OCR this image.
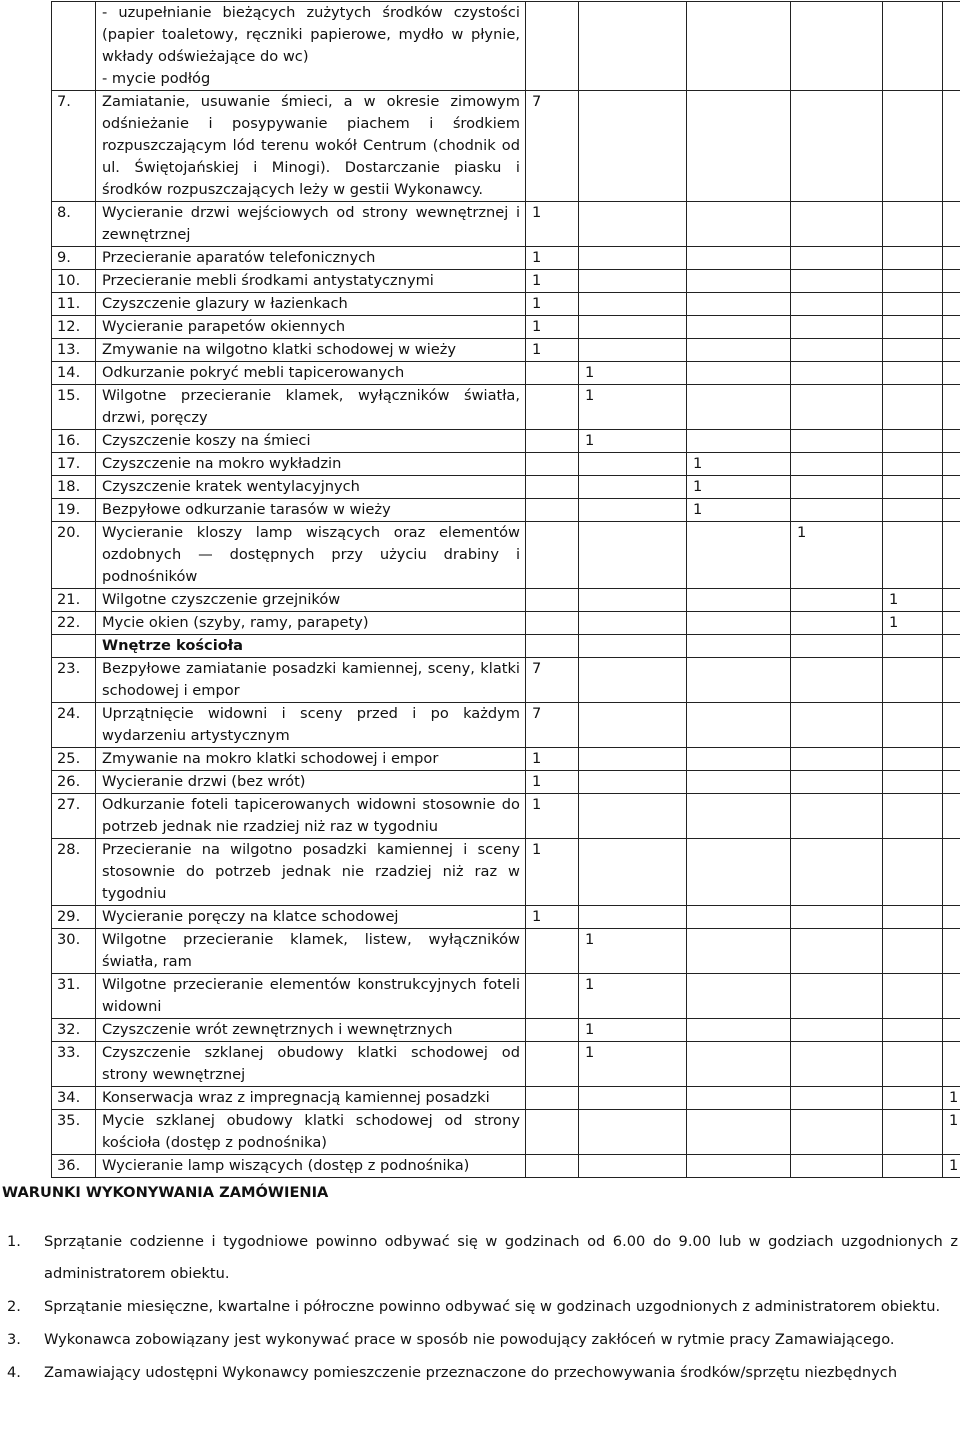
	- uzupełnianie bieżących zużytych środków czystości (papier toaletowy, ręczniki papierowe, mydło w płynie, wkłady odświeżające do wc)
- mycie podłóg						

7.	Zamiatanie, usuwanie śmieci, a w okresie zimowym odśnieżanie i posypywanie piachem i środkiem rozpuszczającym lód terenu wokół Centrum (chodnik od ul. Świętojańskiej i Minogi). Dostarczanie piasku i środków rozpuszczających leży w gestii Wykonawcy.	7					
8.	Wycieranie drzwi wejściowych od strony wewnętrznej i zewnętrznej	1					
9.	Przecieranie aparatów telefonicznych	1					
10.	Przecieranie mebli środkami antystatycznymi	1					
11.	Czyszczenie glazury w łazienkach	1					
12.	Wycieranie parapetów okiennych	1					
13.	Zmywanie na wilgotno klatki schodowej w wieży	1					
14.	Odkurzanie pokryć mebli tapicerowanych		1				
15.	Wilgotne przecieranie klamek, wyłączników światła, drzwi, poręczy		1				
16.	Czyszczenie koszy na śmieci		1				
17.	Czyszczenie na mokro wykładzin			1			
18.	Czyszczenie kratek wentylacyjnych			1			
19.	Bezpyłowe odkurzanie tarasów w wieży			1			
20.	Wycieranie kloszy lamp wiszących oraz elementów ozdobnych — dostępnych przy użyciu drabiny i podnośników				1		
21.	Wilgotne czyszczenie grzejników					1	
22.	Mycie okien (szyby, ramy, parapety)					1	
	Wnętrze kościoła						
23.	Bezpyłowe zamiatanie posadzki kamiennej, sceny, klatki schodowej i empor	7					
24.	Uprzątnięcie widowni i sceny przed i po każdym wydarzeniu artystycznym	7					
25.	Zmywanie na mokro klatki schodowej i empor	1					
26.	Wycieranie drzwi (bez wrót)	1					
27.	Odkurzanie foteli tapicerowanych widowni stosownie do potrzeb jednak nie rzadziej niż raz w tygodniu	1					
28.	Przecieranie na wilgotno posadzki kamiennej i sceny stosownie do potrzeb jednak nie rzadziej niż raz w tygodniu	1					
29.	Wycieranie poręczy na klatce schodowej	1					
30.	Wilgotne przecieranie klamek, listew, wyłączników światła, ram		1				
31.	Wilgotne przecieranie elementów konstrukcyjnych foteli widowni		1				
32.	Czyszczenie wrót zewnętrznych i wewnętrznych		1				
33.	Czyszczenie szklanej obudowy klatki schodowej od strony wewnętrznej		1				
34.	Konserwacja wraz z impregnacją kamiennej posadzki						1
35.	Mycie szklanej obudowy klatki schodowej od strony kościoła (dostęp z podnośnika)						1
36.	Wycieranie lamp wiszących (dostęp z podnośnika)						1
WARUNKI WYKONYWANIA ZAMÓWIENIA
1. Sprzątanie codzienne i tygodniowe powinno odbywać się w godzinach od 6.00 do 9.00 lub w godziach uzgodnionych z administratorem obiektu.
2. Sprzątanie miesięczne, kwartalne i półroczne powinno odbywać się w godzinach uzgodnionych z administratorem obiektu.
3. Wykonawca zobowiązany jest wykonywać prace w sposób nie powodujący zakłóceń w rytmie pracy Zamawiającego.
4. Zamawiający udostępni Wykonawcy pomieszczenie przeznaczone do przechowywania środków/sprzętu niezbędnych
